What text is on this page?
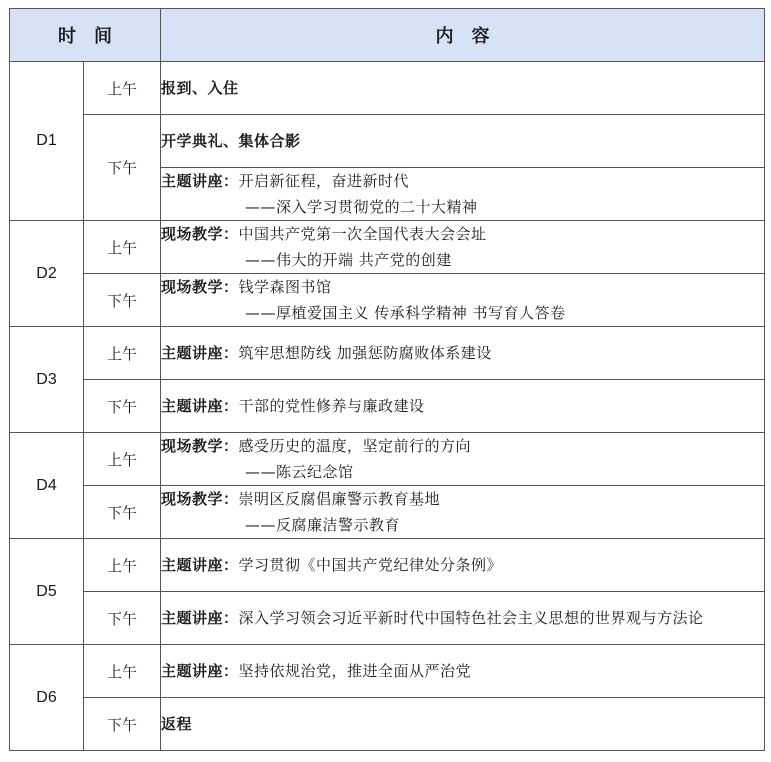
时　间		内　容
D1	上午	报到、入住
	下午	开学典礼、集体合影
		主题讲座：开启新征程，奋进新时代
——深入学习贯彻党的二十大精神

D2	上午	现场教学：中国共产党第一次全国代表大会会址
——伟大的开端 共产党的创建

	下午	现场教学：钱学森图书馆
——厚植爱国主义 传承科学精神 书写育人答卷

D3	上午	主题讲座：筑牢思想防线 加强惩防腐败体系建设
	下午	主题讲座：干部的党性修养与廉政建设
D4	上午	现场教学：感受历史的温度，坚定前行的方向
——陈云纪念馆

	下午	现场教学：崇明区反腐倡廉警示教育基地
——反腐廉洁警示教育

D5	上午	主题讲座：学习贯彻《中国共产党纪律处分条例》
	下午	主题讲座：深入学习领会习近平新时代中国特色社会主义思想的世界观与方法论
D6	上午	主题讲座：坚持依规治党，推进全面从严治党
	下午	返程
